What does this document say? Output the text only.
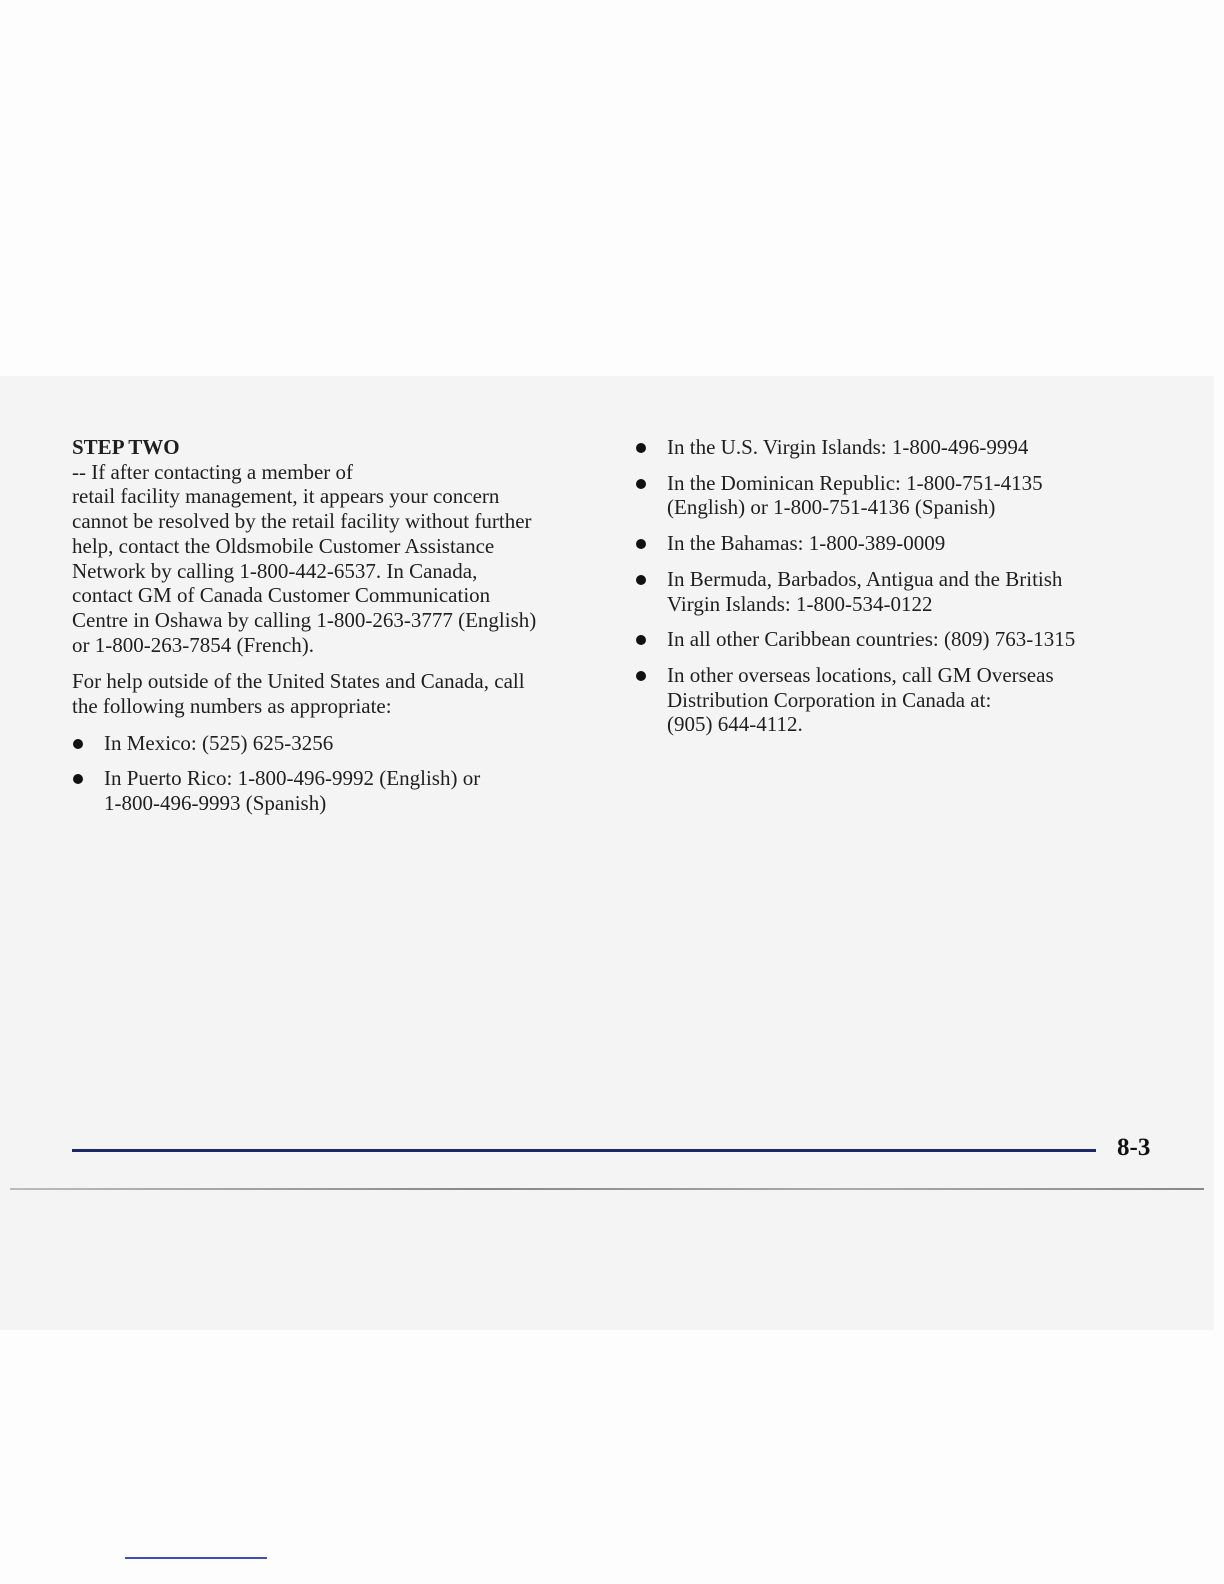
STEP TWO
-- If after contacting a member of
retail facility management, it appears your concern
cannot be resolved by the retail facility without further
help, contact the Oldsmobile Customer Assistance
Network by calling 1-800-442-6537. In Canada,
contact GM of Canada Customer Communication
Centre in Oshawa by calling 1-800-263-3777 (English)
or 1-800-263-7854 (French).

For help outside of the United States and Canada, call
the following numbers as appropriate:

In Mexico: (525) 625-3256
In Puerto Rico: 1-800-496-9992 (English) or
1-800-496-9993 (Spanish)
In the U.S. Virgin Islands: 1-800-496-9994
In the Dominican Republic: 1-800-751-4135
(English) or 1-800-751-4136 (Spanish)
In the Bahamas: 1-800-389-0009
In Bermuda, Barbados, Antigua and the British
Virgin Islands: 1-800-534-0122
In all other Caribbean countries: (809) 763-1315
In other overseas locations, call GM Overseas
Distribution Corporation in Canada at:
(905) 644-4112.
8-3
